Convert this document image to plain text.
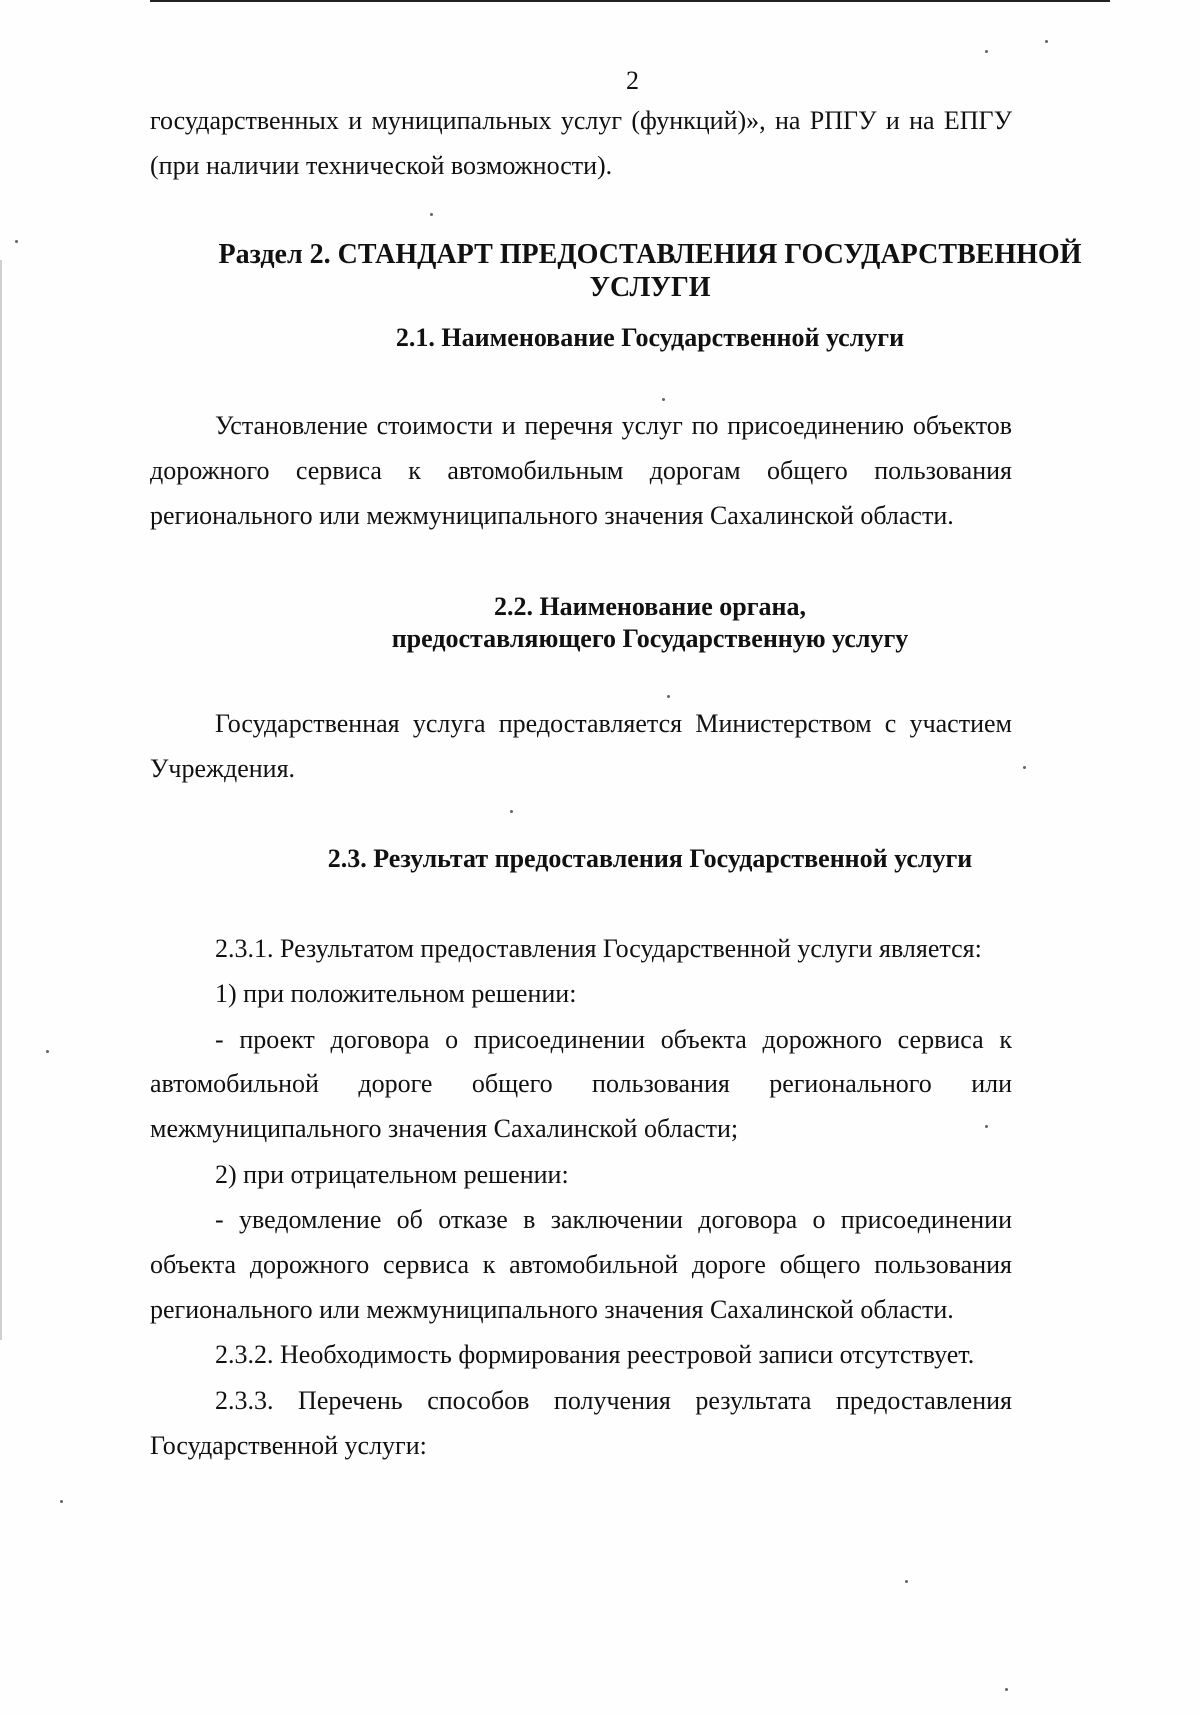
2
государственных и муниципальных услуг (функций)», на РПГУ и на ЕПГУ
(при наличии технической возможности).
Раздел 2. СТАНДАРТ ПРЕДОСТАВЛЕНИЯ ГОСУДАРСТВЕННОЙ
УСЛУГИ
2.1. Наименование Государственной услуги
Установление стоимости и перечня услуг по присоединению объектов
дорожного сервиса к автомобильным дорогам общего пользования
регионального или межмуниципального значения Сахалинской области.
2.2. Наименование органа,
предоставляющего Государственную услугу
Государственная услуга предоставляется Министерством с участием
Учреждения.
2.3. Результат предоставления Государственной услуги
2.3.1. Результатом предоставления Государственной услуги является:
1) при положительном решении:
- проект договора о присоединении объекта дорожного сервиса к
автомобильной дороге общего пользования регионального или
межмуниципального значения Сахалинской области;
2) при отрицательном решении:
- уведомление об отказе в заключении договора о присоединении
объекта дорожного сервиса к автомобильной дороге общего пользования
регионального или межмуниципального значения Сахалинской области.
2.3.2. Необходимость формирования реестровой записи отсутствует.
2.3.3. Перечень способов получения результата предоставления
Государственной услуги:
